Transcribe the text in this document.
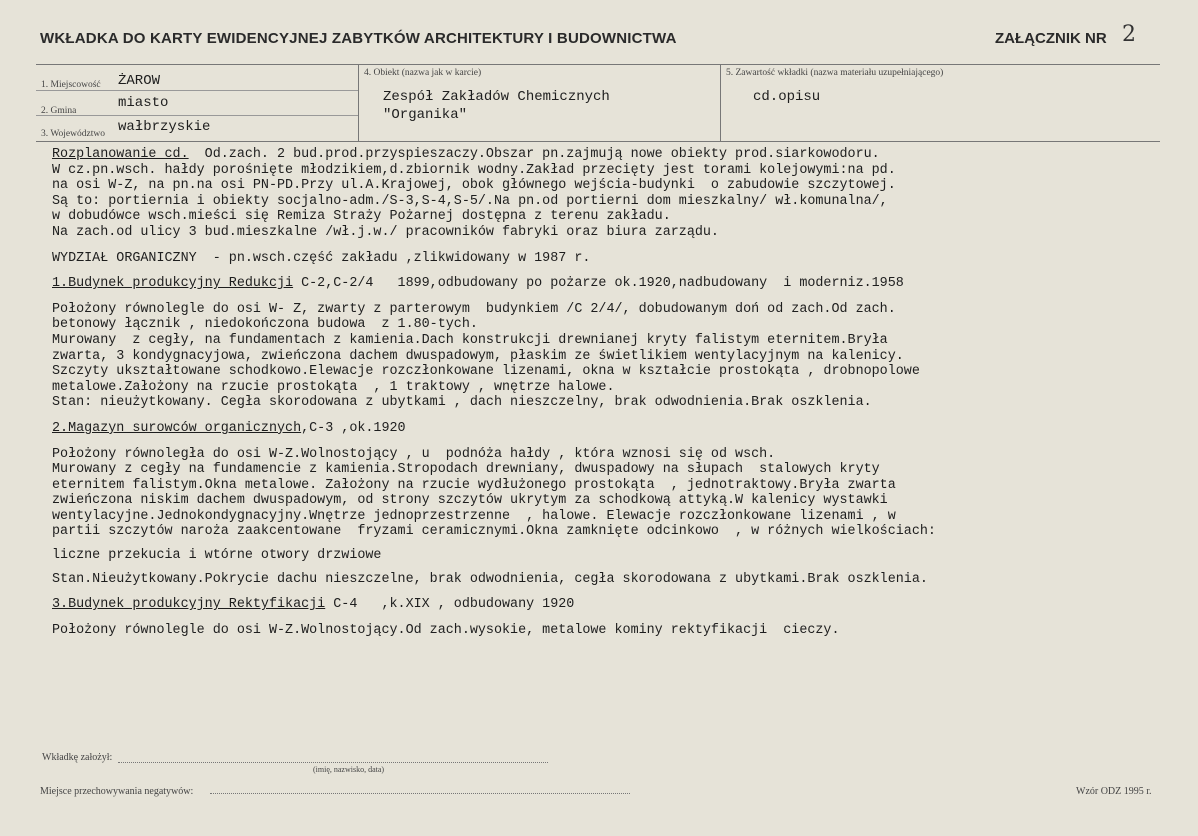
WKŁADKA DO KARTY EWIDENCYJNEJ ZABYTKÓW ARCHITEKTURY I BUDOWNICTWA	ZAŁĄCZNIK NR 2
1. Miejscowość ŻAROW
2. Gmina	miasto
3. Województwo wałbrzyskie
4. Obiekt (nazwa jak w karcie)
Zespół Zakładów Chemicznych
"Organika"
5. Zawartość wkładki (nazwa materiału uzupełniającego)
cd.opisu
Rozplanowanie cd.  Od.zach. 2 bud.prod.przyspieszaczy.Obszar pn.zajmują nowe obiekty prod.siarkowodoru.
W cz.pn.wsch. hałdy porośnięte młodzikiem,d.zbiornik wodny.Zakład przecięty jest torami kolejowymi:na pd.
na osi W-Z, na pn.na osi PN-PD.Przy ul.A.Krajowej, obok głównego wejścia-budynki  o zabudowie szczytowej.
Są to: portiernia i obiekty socjalno-adm./S-3,S-4,S-5/.Na pn.od portierni dom mieszkalny/ wł.komunalna/,
w dobudówce wsch.mieści się Remiza Straży Pożarnej dostępna z terenu zakładu.
Na zach.od ulicy 3 bud.mieszkalne /wł.j.w./ pracowników fabryki oraz biura zarządu.
WYDZIAŁ ORGANICZNY  - pn.wsch.część zakładu ,zlikwidowany w 1987 r.
1.Budynek produkcyjny Redukcji C-2,C-2/4   1899,odbudowany po pożarze ok.1920,nadbudowany  i moderniz.1958
Położony równolegle do osi W- Z, zwarty z parterowym  budynkiem /C 2/4/, dobudowanym doń od zach.Od zach.
betonowy łącznik , niedokończona budowa  z 1.80-tych.
Murowany  z cegły, na fundamentach z kamienia.Dach konstrukcji drewnianej kryty falistym eternitem.Bryła
zwarta, 3 kondygnacyjowa, zwieńczona dachem dwuspadowym, płaskim ze świetlikiem wentylacyjnym na kalenicy.
Szczyty ukształtowane schodkowo.Elewacje rozczłonkowane lizenami, okna w kształcie prostokąta , drobnopolowe
metalowe.Założony na rzucie prostokąta  , 1 traktowy , wnętrze halowe.
Stan: nieużytkowany. Cegła skorodowana z ubytkami , dach nieszczelny, brak odwodnienia.Brak oszklenia.
2.Magazyn surowców organicznych,C-3 ,ok.1920
Położony równoległa do osi W-Z.Wolnostojący , u  podnóża hałdy , która wznosi się od wsch.
Murowany z cegły na fundamencie z kamienia.Stropodach drewniany, dwuspadowy na słupach  stalowych kryty
eternitem falistym.Okna metalowe. Założony na rzucie wydłużonego prostokąta  , jednotraktowy.Bryła zwarta
zwieńczona niskim dachem dwuspadowym, od strony szczytów ukrytym za schodkową attyką.W kalenicy wystawki
wentylacyjne.Jednokondygnacyjny.Wnętrze jednoprzestrzenne  , halowe. Elewacje rozczłonkowane lizenami , w
partii szczytów naroża zaakcentowane  fryzami ceramicznymi.Okna zamknięte odcinkowo  , w różnych wielkościach:
liczne przekucia i wtórne otwory drzwiowe
Stan.Nieużytkowany.Pokrycie dachu nieszczelne, brak odwodnienia, cegła skorodowana z ubytkami.Brak oszklenia.
3.Budynek produkcyjny Rektyfikacji C-4   ,k.XIX , odbudowany 1920
Położony równolegle do osi W-Z.Wolnostojący.Od zach.wysokie, metalowe kominy rektyfikacji  cieczy.
Wkładkę założył:
(imię, nazwisko, data)
Miejsce przechowywania negatywów:	Wzór ODZ 1995 r.
